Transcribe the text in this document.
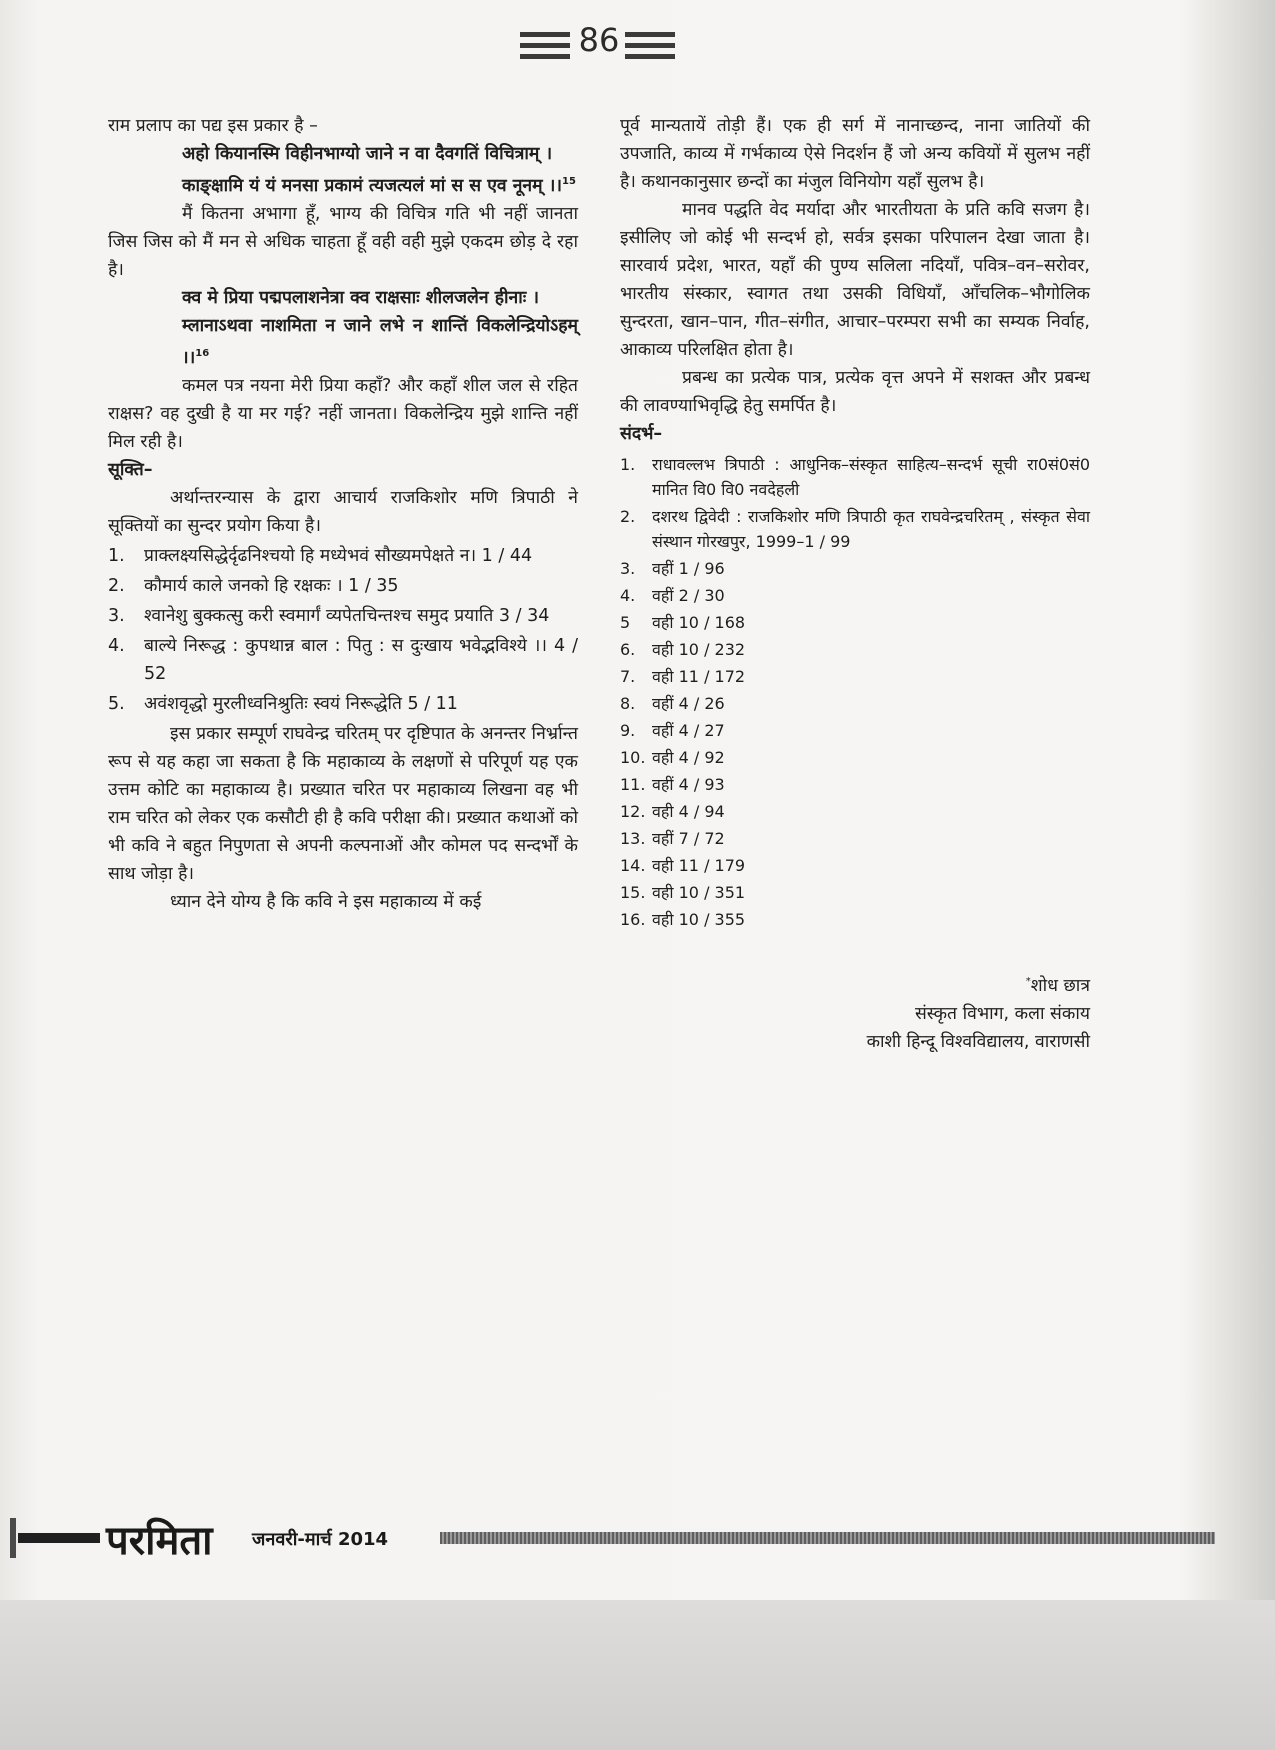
86

राम प्रलाप का पद्य इस प्रकार है –

अहो कियानस्मि विहीनभाग्यो जाने न वा दैवगतिं विचित्राम् ।

काङ्क्षामि यं यं मनसा प्रकामं त्यजत्यलं मां स स एव नूनम् ।।$^{15}$

मैं कितना अभागा हूँ, भाग्य की विचित्र गति भी नहीं जानता जिस जिस को मैं मन से अधिक चाहता हूँ वही वही मुझे एकदम छोड़ दे रहा है।

क्व मे प्रिया पद्मपलाशनेत्रा क्व राक्षसाः शीलजलेन हीनाः ।

म्लानाऽथवा नाशमिता न जाने लभे न शान्तिं विकलेन्द्रियोऽहम् ।।$^{16}$

कमल पत्र नयना मेरी प्रिया कहाँ? और कहाँ शील जल से रहित राक्षस? वह दुखी है या मर गई? नहीं जानता। विकलेन्द्रिय मुझे शान्ति नहीं मिल रही है।

सूक्ति–

अर्थान्तरन्यास के द्वारा आचार्य राजकिशोर मणि त्रिपाठी ने सूक्तियों का सुन्दर प्रयोग किया है।

1. प्राक्लक्ष्यसिद्धेर्दृढनिश्चयो हि मध्येभवं सौख्यमपेक्षते न। 1 / 44
2. कौमार्य काले जनको हि रक्षकः । 1 / 35
3. श्वानेशु बुक्कत्सु करी स्वमार्गं व्यपेतचिन्तश्च समुद प्रयाति 3 / 34
4. बाल्ये निरूद्ध : कुपथान्न बाल : पितु : स दुःखाय भवेद्भविश्ये ।। 4 / 52
5. अवंशवृद्धो मुरलीध्वनिश्रुतिः स्वयं निरूद्धेति 5 / 11

इस प्रकार सम्पूर्ण राघवेन्द्र चरितम् पर दृष्टिपात के अनन्तर निर्भ्रान्त रूप से यह कहा जा सकता है कि महाकाव्य के लक्षणों से परिपूर्ण यह एक उत्तम कोटि का महाकाव्य है। प्रख्यात चरित पर महाकाव्य लिखना वह भी राम चरित को लेकर एक कसौटी ही है कवि परीक्षा की। प्रख्यात कथाओं को भी कवि ने बहुत निपुणता से अपनी कल्पनाओं और कोमल पद सन्दर्भों के साथ जोड़ा है।

ध्यान देने योग्य है कि कवि ने इस महाकाव्य में कई

पूर्व मान्यतायें तोड़ी हैं। एक ही सर्ग में नानाच्छन्द, नाना जातियों की उपजाति, काव्य में गर्भकाव्य ऐसे निदर्शन हैं जो अन्य कवियों में सुलभ नहीं है। कथानकानुसार छन्दों का मंजुल विनियोग यहाँ सुलभ है।

मानव पद्धति वेद मर्यादा और भारतीयता के प्रति कवि सजग है। इसीलिए जो कोई भी सन्दर्भ हो, सर्वत्र इसका परिपालन देखा जाता है। सारवार्य प्रदेश, भारत, यहाँ की पुण्य सलिला नदियाँ, पवित्र–वन–सरोवर, भारतीय संस्कार, स्वागत तथा उसकी विधियाँ, आँचलिक–भौगोलिक सुन्दरता, खान–पान, गीत–संगीत, आचार–परम्परा सभी का सम्यक निर्वाह, आकाव्य परिलक्षित होता है।

प्रबन्ध का प्रत्येक पात्र, प्रत्येक वृत्त अपने में सशक्त और प्रबन्ध की लावण्याभिवृद्धि हेतु समर्पित है।

संदर्भ–

1. राधावल्लभ त्रिपाठी : आधुनिक–संस्कृत साहित्य–सन्दर्भ सूची रा0सं0सं0 मानित वि0 वि0 नवदेहली
2. दशरथ द्विवेदी : राजकिशोर मणि त्रिपाठी कृत राघवेन्द्रचरितम् , संस्कृत सेवा संस्थान गोरखपुर, 1999–1 / 99
3. वहीं 1 / 96
4. वहीं 2 / 30
5 वही 10 / 168
6. वही 10 / 232
7. वही 11 / 172
8. वहीं 4 / 26
9. वहीं 4 / 27
10. वही 4 / 92
11. वहीं 4 / 93
12. वही 4 / 94
13. वहीं 7 / 72
14. वही 11 / 179
15. वही 10 / 351
16. वही 10 / 355
*शोध छात्र
संस्कृत विभाग, कला संकाय
काशी हिन्दू विश्वविद्यालय, वाराणसी
परमिता जनवरी-मार्च 2014
